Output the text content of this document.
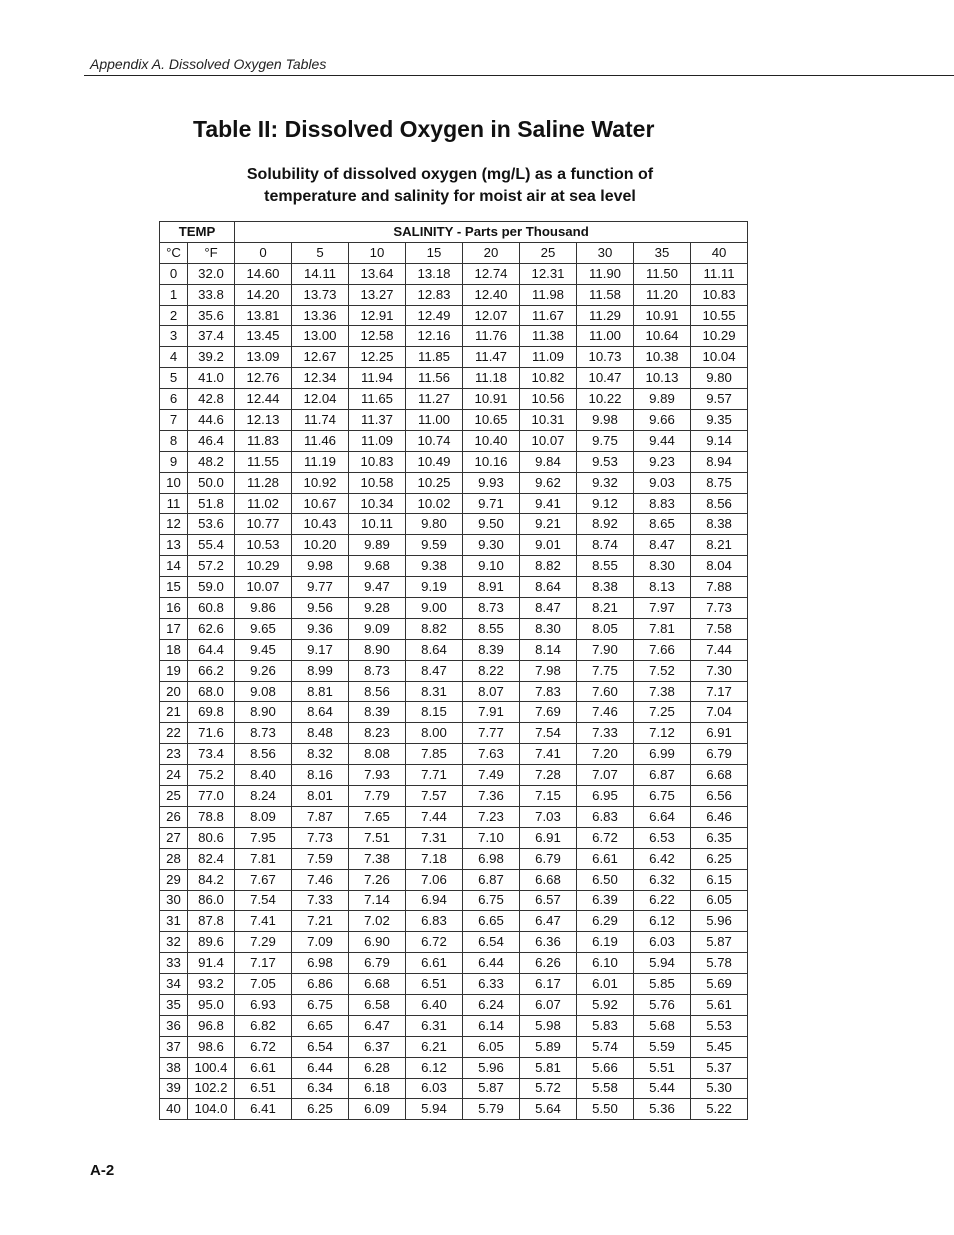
Appendix A. Dissolved Oxygen Tables
Table II: Dissolved Oxygen in Saline Water
Solubility of dissolved oxygen (mg/L) as a function of
temperature and salinity for moist air at sea level
TEMP		SALINITY - Parts per Thousand								
°C	°F	0	5	10	15	20	25	30	35	40
0	32.0	14.60	14.11	13.64	13.18	12.74	12.31	11.90	11.50	11.11
1	33.8	14.20	13.73	13.27	12.83	12.40	11.98	11.58	11.20	10.83
2	35.6	13.81	13.36	12.91	12.49	12.07	11.67	11.29	10.91	10.55
3	37.4	13.45	13.00	12.58	12.16	11.76	11.38	11.00	10.64	10.29
4	39.2	13.09	12.67	12.25	11.85	11.47	11.09	10.73	10.38	10.04
5	41.0	12.76	12.34	11.94	11.56	11.18	10.82	10.47	10.13	9.80
6	42.8	12.44	12.04	11.65	11.27	10.91	10.56	10.22	9.89	9.57
7	44.6	12.13	11.74	11.37	11.00	10.65	10.31	9.98	9.66	9.35
8	46.4	11.83	11.46	11.09	10.74	10.40	10.07	9.75	9.44	9.14
9	48.2	11.55	11.19	10.83	10.49	10.16	9.84	9.53	9.23	8.94
10	50.0	11.28	10.92	10.58	10.25	9.93	9.62	9.32	9.03	8.75
11	51.8	11.02	10.67	10.34	10.02	9.71	9.41	9.12	8.83	8.56
12	53.6	10.77	10.43	10.11	9.80	9.50	9.21	8.92	8.65	8.38
13	55.4	10.53	10.20	9.89	9.59	9.30	9.01	8.74	8.47	8.21
14	57.2	10.29	9.98	9.68	9.38	9.10	8.82	8.55	8.30	8.04
15	59.0	10.07	9.77	9.47	9.19	8.91	8.64	8.38	8.13	7.88
16	60.8	9.86	9.56	9.28	9.00	8.73	8.47	8.21	7.97	7.73
17	62.6	9.65	9.36	9.09	8.82	8.55	8.30	8.05	7.81	7.58
18	64.4	9.45	9.17	8.90	8.64	8.39	8.14	7.90	7.66	7.44
19	66.2	9.26	8.99	8.73	8.47	8.22	7.98	7.75	7.52	7.30
20	68.0	9.08	8.81	8.56	8.31	8.07	7.83	7.60	7.38	7.17
21	69.8	8.90	8.64	8.39	8.15	7.91	7.69	7.46	7.25	7.04
22	71.6	8.73	8.48	8.23	8.00	7.77	7.54	7.33	7.12	6.91
23	73.4	8.56	8.32	8.08	7.85	7.63	7.41	7.20	6.99	6.79
24	75.2	8.40	8.16	7.93	7.71	7.49	7.28	7.07	6.87	6.68
25	77.0	8.24	8.01	7.79	7.57	7.36	7.15	6.95	6.75	6.56
26	78.8	8.09	7.87	7.65	7.44	7.23	7.03	6.83	6.64	6.46
27	80.6	7.95	7.73	7.51	7.31	7.10	6.91	6.72	6.53	6.35
28	82.4	7.81	7.59	7.38	7.18	6.98	6.79	6.61	6.42	6.25
29	84.2	7.67	7.46	7.26	7.06	6.87	6.68	6.50	6.32	6.15
30	86.0	7.54	7.33	7.14	6.94	6.75	6.57	6.39	6.22	6.05
31	87.8	7.41	7.21	7.02	6.83	6.65	6.47	6.29	6.12	5.96
32	89.6	7.29	7.09	6.90	6.72	6.54	6.36	6.19	6.03	5.87
33	91.4	7.17	6.98	6.79	6.61	6.44	6.26	6.10	5.94	5.78
34	93.2	7.05	6.86	6.68	6.51	6.33	6.17	6.01	5.85	5.69
35	95.0	6.93	6.75	6.58	6.40	6.24	6.07	5.92	5.76	5.61
36	96.8	6.82	6.65	6.47	6.31	6.14	5.98	5.83	5.68	5.53
37	98.6	6.72	6.54	6.37	6.21	6.05	5.89	5.74	5.59	5.45
38	100.4	6.61	6.44	6.28	6.12	5.96	5.81	5.66	5.51	5.37
39	102.2	6.51	6.34	6.18	6.03	5.87	5.72	5.58	5.44	5.30
40	104.0	6.41	6.25	6.09	5.94	5.79	5.64	5.50	5.36	5.22
A-2
